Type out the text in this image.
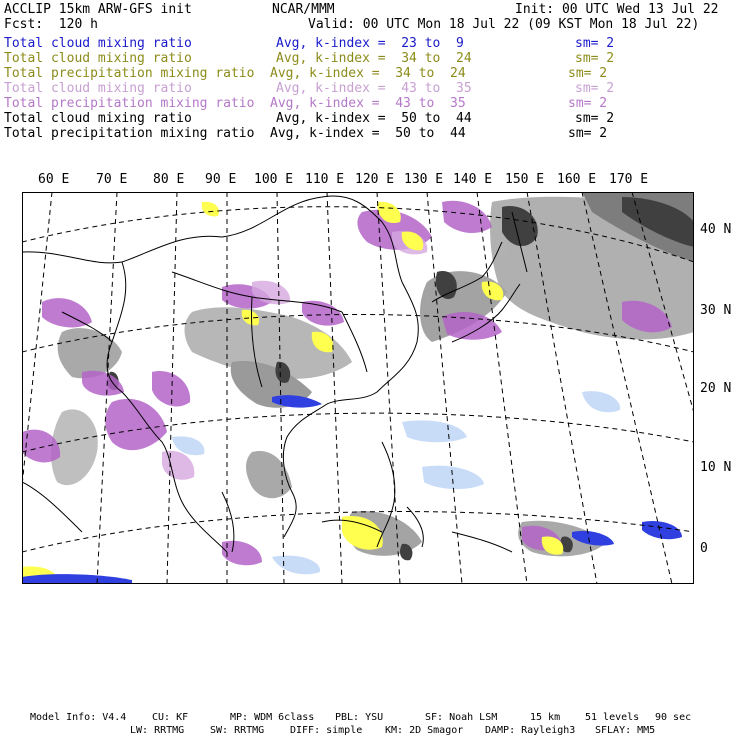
ACCLIP 15km ARW-GFS init	NCAR/MMM	Init: 00 UTC Wed 13 Jul 22
Fcst:  120 h	Valid: 00 UTC Mon 18 Jul 22 (09 KST Mon 18 Jul 22)
Total cloud mixing ratio	Avg, k-index =  23 to  9	sm= 2
Total cloud mixing ratio	Avg, k-index =  34 to  24	sm= 2
Total precipitation mixing ratio Avg, k-index =  34 to  24	sm= 2
Total cloud mixing ratio	Avg, k-index =  43 to  35	sm= 2
Total precipitation mixing ratio Avg, k-index =  43 to  35	sm= 2
Total cloud mixing ratio	Avg, k-index =  50 to  44	sm= 2
Total precipitation mixing ratio Avg, k-index =  50 to  44	sm= 2
60 E 70 E 80 E 90 E 100 E 110 E 120 E 130 E 140 E 150 E 160 E 170 E
40 N
30 N
20 N
10 N
0
Model Info: V4.4	CU: KF	MP: WDM 6class PBL: YSU	SF: Noah LSM	15 km 51 levels 90 sec
LW: RRTMG	SW: RRTMG	DIFF: simple KM: 2D Smagor DAMP: Rayleigh3 SFLAY: MM5
